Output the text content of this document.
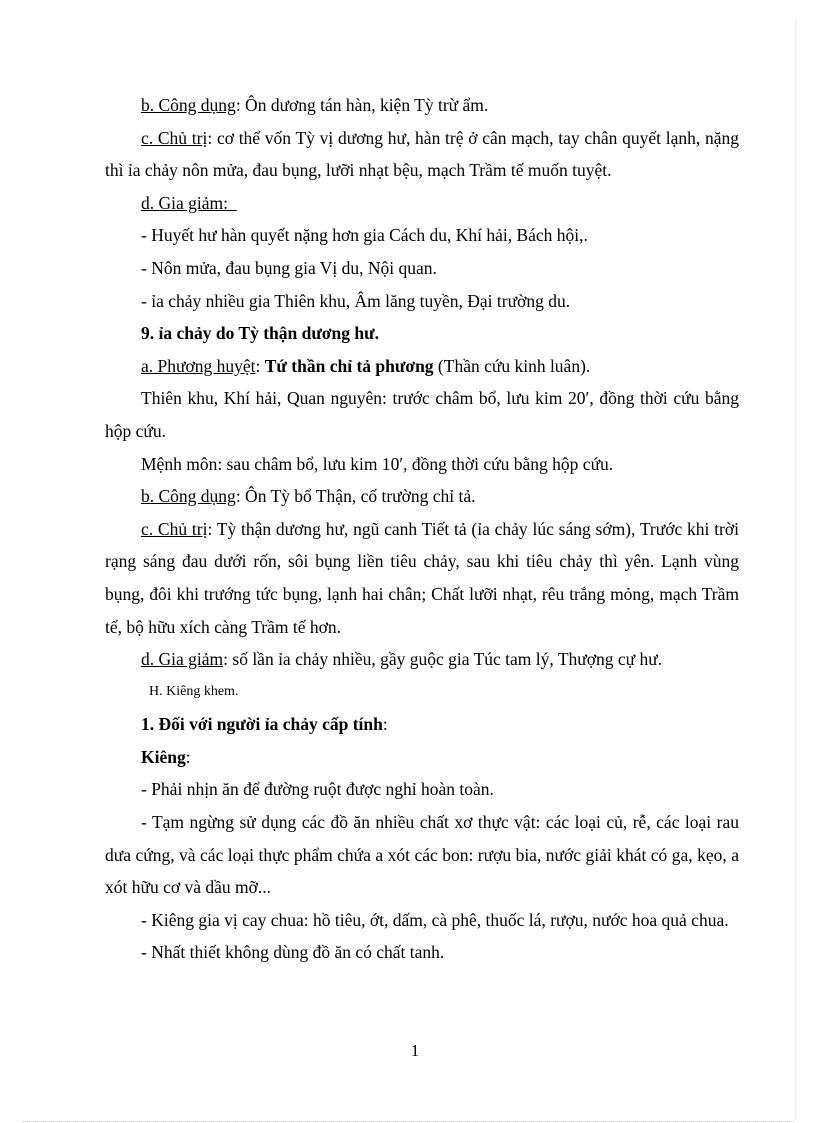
b. Công dụng: Ôn dương tán hàn, kiện Tỳ trừ ẩm.

c. Chủ trị: cơ thể vốn Tỳ vị dương hư, hàn trệ ở cân mạch, tay chân quyết lạnh, nặng thì ỉa chảy nôn mửa, đau bụng, lưỡi nhạt bệu, mạch Trầm tế muốn tuyệt.

d. Gia giảm:

- Huyết hư hàn quyết nặng hơn gia Cách du, Khí hải, Bách hội,.

- Nôn mửa, đau bụng gia Vị du, Nội quan.

- ỉa chảy nhiều gia Thiên khu, Âm lăng tuyền, Đại trường du.

9. ỉa chảy do Tỳ thận dương hư.

a. Phương huyệt: Tứ thần chỉ tả phương (Thần cứu kinh luân).

Thiên khu, Khí hải, Quan nguyên: trước châm bổ, lưu kim 20′, đồng thời cứu bằng hộp cứu.

Mệnh môn: sau châm bổ, lưu kim 10′, đồng thời cứu bằng hộp cứu.

b. Công dụng: Ôn Tỳ bổ Thận, cố trường chỉ tả.

c. Chủ trị: Tỳ thận dương hư, ngũ canh Tiết tả (ỉa chảy lúc sáng sớm), Trước khi trời rạng sáng đau dưới rốn, sôi bụng liền tiêu chảy, sau khi tiêu chảy thì yên. Lạnh vùng bụng, đôi khi trướng tức bụng, lạnh hai chân; Chất lưỡi nhạt, rêu trắng mỏng, mạch Trầm tế, bộ hữu xích càng Trầm tế hơn.

d. Gia giảm: số lần ỉa chảy nhiều, gầy guộc gia Túc tam lý, Thượng cự hư.

H. Kiêng khem.

1. Đối với người ỉa chảy cấp tính:

Kiêng:

- Phải nhịn ăn để đường ruột được nghỉ hoàn toàn.

- Tạm ngừng sử dụng các đồ ăn nhiều chất xơ thực vật: các loại củ, rễ, các loại rau dưa cứng, và các loại thực phẩm chứa a xót các bon: rượu bia, nước giải khát có ga, kẹo, a xót hữu cơ và dầu mỡ...

- Kiêng gia vị cay chua: hồ tiêu, ớt, dấm, cà phê, thuốc lá, rượu, nước hoa quả chua.

- Nhất thiết không dùng đồ ăn có chất tanh.

1
